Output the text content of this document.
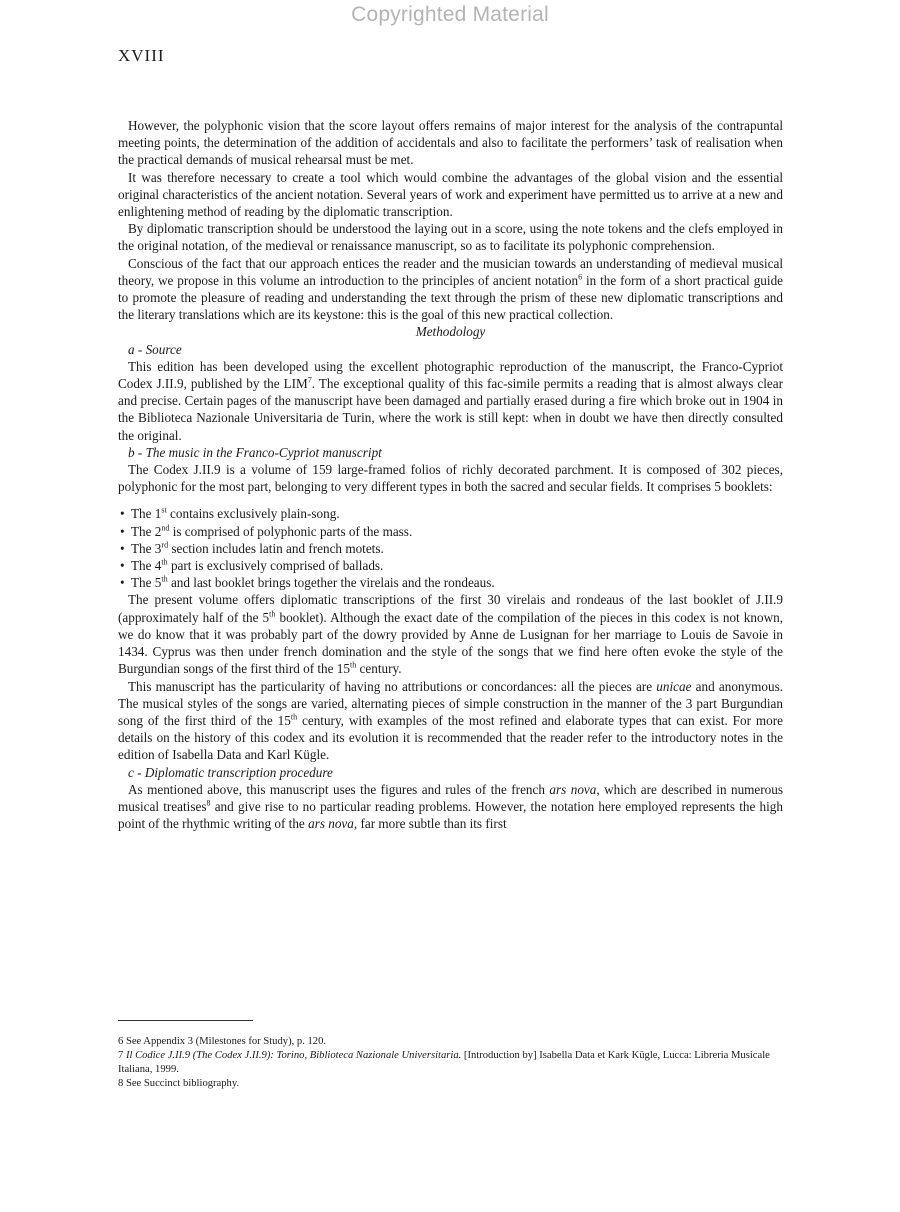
Copyrighted Material
XVIII

However, the polyphonic vision that the score layout offers remains of major interest for the analysis of the contrapuntal meeting points, the determination of the addition of accidentals and also to facilitate the performers’ task of realisation when the practical demands of musical rehearsal must be met.

It was therefore necessary to create a tool which would combine the advantages of the global vision and the essential original characteristics of the ancient notation. Several years of work and experiment have permitted us to arrive at a new and enlightening method of reading by the diplomatic transcription.

By diplomatic transcription should be understood the laying out in a score, using the note tokens and the clefs employed in the original notation, of the medieval or renaissance manuscript, so as to facilitate its polyphonic comprehension.

Conscious of the fact that our approach entices the reader and the musician towards an understanding of medieval musical theory, we propose in this volume an introduction to the principles of ancient notation$^6$ in the form of a short practical guide to promote the pleasure of reading and understanding the text through the prism of these new diplomatic transcriptions and the literary translations which are its keystone: this is the goal of this new practical collection.

Methodology

a - Source

This edition has been developed using the excellent photographic reproduction of the manuscript, the Franco-Cypriot Codex J.II.9, published by the LIM$^7$. The exceptional quality of this fac-simile permits a reading that is almost always clear and precise. Certain pages of the manuscript have been damaged and partially erased during a fire which broke out in 1904 in the Biblioteca Nazionale Universitaria de Turin, where the work is still kept: when in doubt we have then directly consulted the original.

b - The music in the Franco-Cypriot manuscript

The Codex J.II.9 is a volume of 159 large-framed folios of richly decorated parchment. It is composed of 302 pieces, polyphonic for the most part, belonging to very different types in both the sacred and secular fields. It comprises 5 booklets:

• The 1st contains exclusively plain-song.
• The 2nd is comprised of polyphonic parts of the mass.
• The 3rd section includes latin and french motets.
• The 4th part is exclusively comprised of ballads.
• The 5th and last booklet brings together the virelais and the rondeaus.

The present volume offers diplomatic transcriptions of the first 30 virelais and rondeaus of the last booklet of J.II.9 (approximately half of the 5th booklet). Although the exact date of the compilation of the pieces in this codex is not known, we do know that it was probably part of the dowry provided by Anne de Lusignan for her marriage to Louis de Savoie in 1434. Cyprus was then under french domination and the style of the songs that we find here often evoke the style of the Burgundian songs of the first third of the 15th century.

This manuscript has the particularity of having no attributions or concordances: all the pieces are unicae and anonymous. The musical styles of the songs are varied, alternating pieces of simple construction in the manner of the 3 part Burgundian song of the first third of the 15th century, with examples of the most refined and elaborate types that can exist. For more details on the history of this codex and its evolution it is recommended that the reader refer to the introductory notes in the edition of Isabella Data and Karl Kügle.

c - Diplomatic transcription procedure

As mentioned above, this manuscript uses the figures and rules of the french ars nova, which are described in numerous musical treatises$^8$ and give rise to no particular reading problems. However, the notation here employed represents the high point of the rhythmic writing of the ars nova, far more subtle than its first

6 See Appendix 3 (Milestones for Study), p. 120.

7 Il Codice J.II.9 (The Codex J.II.9): Torino, Biblioteca Nazionale Universitaria. [Introduction by] Isabella Data et Kark Kügle, Lucca: Libreria Musicale Italiana, 1999.

8 See Succinct bibliography.
